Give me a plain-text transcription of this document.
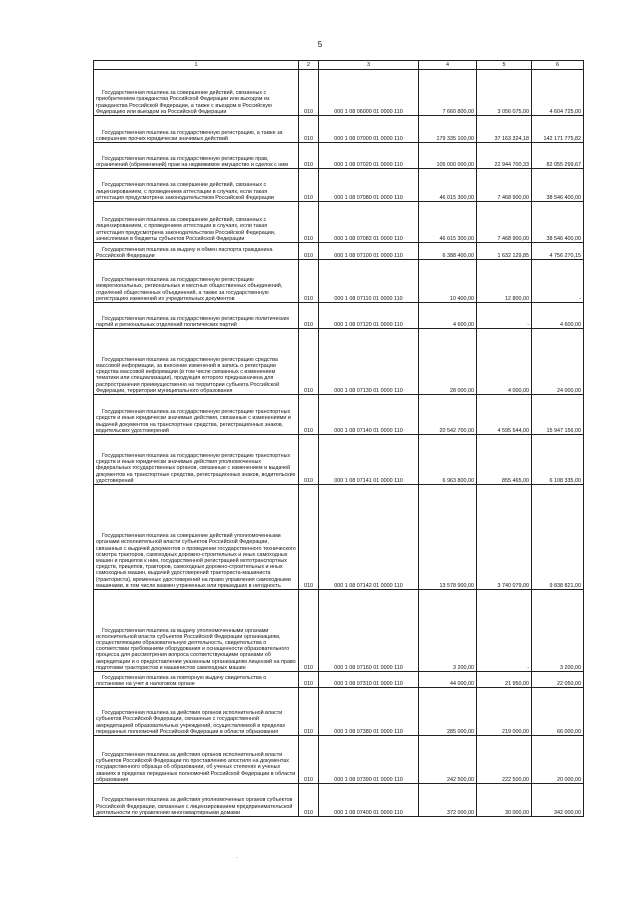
5
1	2	3	4	5	6
Государственная пошлина за совершение действий, связанных с приобретением гражданства Российской Федерации или выходом из гражданства Российской Федерации, а также с въездом в Российскую Федерацию или выездом из Российской Федерации	010	000 1 08 06000 01 0000 110	7 660 800,00	3 056 075,00	4 604 725,00
Государственная пошлина за государственную регистрацию, а также за совершение прочих юридически значимых действий	010	000 1 08 07000 01 0000 110	179 335 100,00	37 163 324,18	142 171 775,82
Государственная пошлина за государственную регистрацию прав, ограничений (обременений) прав на недвижимое имущество и сделок с ним	010	000 1 08 07020 01 0000 110	105 000 000,00	22 944 700,33	82 055 299,67
Государственная пошлина за совершение действий, связанных с лицензированием, с проведением аттестации в случаях, если такая аттестация предусмотрена законодательством Российской Федерации	010	000 1 08 07080 01 0000 110	46 015 300,00	7 468 900,00	38 546 400,00
Государственная пошлина за совершение действий, связанных с лицензированием, с проведением аттестации в случаях, если такая аттестация предусмотрена законодательством Российской Федерации, зачисляемая в бюджеты субъектов Российской Федерации	010	000 1 08 07082 01 0000 110	46 015 300,00	7 468 900,00	38 546 400,00
Государственная пошлина за выдачу и обмен паспорта гражданина Российской Федерации	010	000 1 08 07100 01 0000 110	6 388 400,00	1 632 129,85	4 756 270,15
Государственная пошлина за государственную регистрацию межрегиональных, региональных и местных общественных объединений, отделений общественных объединений, а также за государственную регистрацию изменений их учредительных документов	010	000 1 08 07110 01 0000 110	10 400,00	12 800,00	-
Государственная пошлина за государственную регистрацию политических партий и региональных отделений политических партий	010	000 1 08 07120 01 0000 110	4 600,00	-	4 600,00
Государственная пошлина за государственную регистрацию средства массовой информации, за внесение изменений в запись о регистрации средства массовой информации (в том числе связанных с изменением тематики или специализации), продукция которого предназначена для распространения преимущественно на территории субъекта Российской Федерации, территории муниципального образования	010	000 1 08 07130 01 0000 110	28 000,00	4 000,00	24 000,00
Государственная пошлина за государственную регистрацию транспортных средств и иные юридически значимые действия, связанные с изменениями и выдачей документов на транспортные средства, регистрационных знаков, водительских удостоверений	010	000 1 08 07140 01 0000 110	20 542 700,00	4 595 544,00	15 947 156,00
Государственная пошлина за государственную регистрацию транспортных средств и иные юридически значимые действия уполномоченных федеральных государственных органов, связанные с изменением и выдачей документов на транспортные средства, регистрационных знаков, водительских удостоверений	010	000 1 08 07141 01 0000 110	6 963 800,00	855 465,00	6 108 335,00
Государственная пошлина за совершение действий уполномоченными органами исполнительной власти субъектов Российской Федерации, связанных с выдачей документов о проведении государственного технического осмотра тракторов, самоходных дорожно-строительных и иных самоходных машин и прицепов к ним, государственной регистрацией мототранспортных средств, прицепов, тракторов, самоходных дорожно-строительных и иных самоходных машин, выдачей удостоверений тракториста-машиниста (тракториста), временных удостоверений на право управления самоходными машинами, в том числе взамен утраченных или пришедших в негодность	010	000 1 08 07142 01 0000 110	13 578 900,00	3 740 079,00	9 838 821,00
Государственная пошлина за выдачу уполномоченными органами исполнительной власти субъектов Российской Федерации организациям, осуществляющим образовательную деятельность, свидетельства о соответствии требованиям оборудования и оснащенности образовательного процесса для рассмотрения вопроса соответствующими органами об аккредитации и о предоставлении указанным организациям лицензий на право подготовки трактористов и машинистов самоходных машин	010	000 1 08 07160 01 0000 110	3 200,00	-	3 200,00
Государственная пошлина за повторную выдачу свидетельства о постановке на учет в налоговом органе	010	000 1 08 07310 01 0000 110	44 000,00	21 950,00	22 050,00
Государственная пошлина за действия органов исполнительной власти субъектов Российской Федерации, связанные с государственной аккредитацией образовательных учреждений, осуществляемой в пределах переданных полномочий Российской Федерации в области образования	010	000 1 08 07380 01 0000 110	285 000,00	219 000,00	66 000,00
Государственная пошлина за действия органов исполнительной власти субъектов Российской Федерации по проставлению апостиля на документах государственного образца об образовании, об ученых степенях и ученых званиях в пределах переданных полномочий Российской Федерации в области образования	010	000 1 08 07390 01 0000 110	242 500,00	222 500,00	20 000,00
Государственная пошлина за действия уполномоченных органов субъектов Российской Федерации, связанные с лицензированием предпринимательской деятельности по управлению многоквартирными домами	010	000 1 08 07400 01 0000 110	372 000,00	30 000,00	342 000,00
.
